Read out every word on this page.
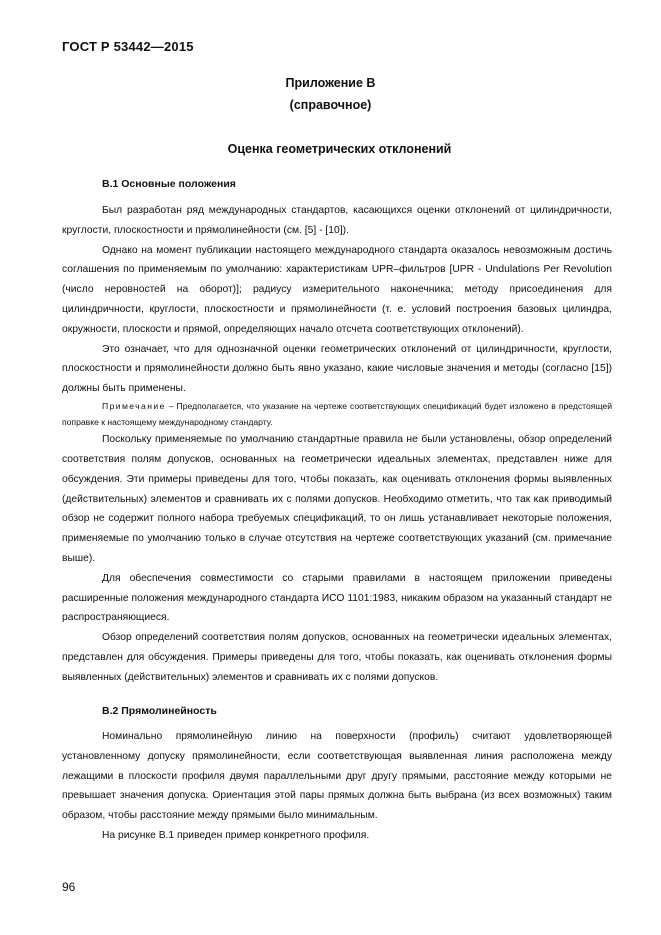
ГОСТ Р 53442—2015
Приложение В
(справочное)
Оценка геометрических отклонений
В.1 Основные положения

Был разработан ряд международных стандартов, касающихся оценки отклонений от цилиндричности, круглости, плоскостности и прямолинейности (см. [5] - [10]).

Однако на момент публикации настоящего международного стандарта оказалось невозможным достичь соглашения по применяемым по умолчанию: характеристикам UPR–фильтров [UPR - Undulations Per Revolution (число неровностей на оборот)]; радиусу измерительного наконечника; методу присоединения для цилиндричности, круглости, плоскостности и прямолинейности (т. е. условий построения базовых цилиндра, окружности, плоскости и прямой, определяющих начало отсчета соответствующих отклонений).

Это означает, что для однозначной оценки геометрических отклонений от цилиндричности, круглости, плоскостности и прямолинейности должно быть явно указано, какие числовые значения и методы (согласно [15]) должны быть применены.

Примечание – Предполагается, что указание на чертеже соответствующих спецификаций будет изложено в предстоящей поправке к настоящему международному стандарту.

Поскольку применяемые по умолчанию стандартные правила не были установлены, обзор определений соответствия полям допусков, основанных на геометрически идеальных элементах, представлен ниже для обсуждения. Эти примеры приведены для того, чтобы показать, как оценивать отклонения формы выявленных (действительных) элементов и сравнивать их с полями допусков. Необходимо отметить, что так как приводимый обзор не содержит полного набора требуемых спецификаций, то он лишь устанавливает некоторые положения, применяемые по умолчанию только в случае отсутствия на чертеже соответствующих указаний (см. примечание выше).

Для обеспечения совместимости со старыми правилами в настоящем приложении приведены расширенные положения международного стандарта ИСО 1101:1983, никаким образом на указанный стандарт не распространяющиеся.

Обзор определений соответствия полям допусков, основанных на геометрически идеальных элементах, представлен для обсуждения. Примеры приведены для того, чтобы показать, как оценивать отклонения формы выявленных (действительных) элементов и сравнивать их с полями допусков.

В.2 Прямолинейность

Номинально прямолинейную линию на поверхности (профиль) считают удовлетворяющей установленному допуску прямолинейности, если соответствующая выявленная линия расположена между лежащими в плоскости профиля двумя параллельными друг другу прямыми, расстояние между которыми не превышает значения допуска. Ориентация этой пары прямых должна быть выбрана (из всех возможных) таким образом, чтобы расстояние между прямыми было минимальным.

На рисунке В.1 приведен пример конкретного профиля.

96
